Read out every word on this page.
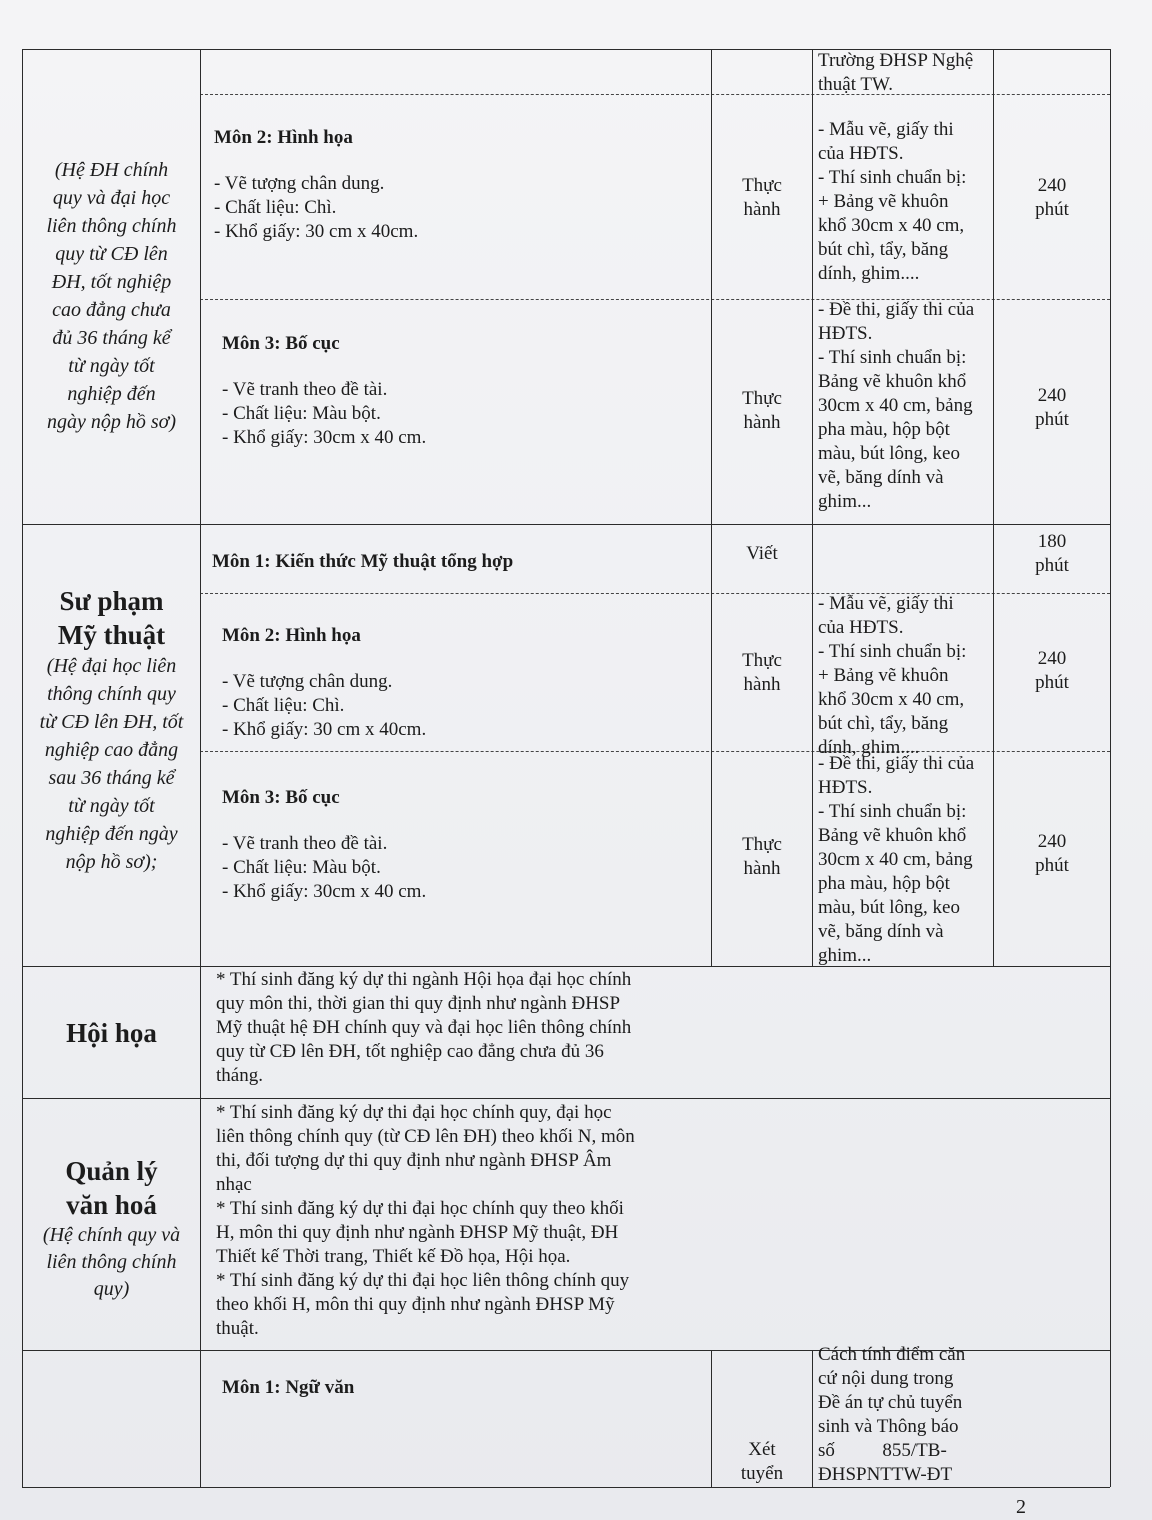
Trường ĐHSP Nghệ thuật TW.
(Hệ ĐH chính
quy và đại học
liên thông chính
quy từ CĐ lên
ĐH, tốt nghiệp
cao đẳng chưa
đủ 36 tháng kể
từ ngày tốt
nghiệp đến
ngày nộp hồ sơ)
Môn 2: Hình họa
- Vẽ tượng chân dung.
- Chất liệu: Chì.
- Khổ giấy: 30 cm x 40cm.
Thực
hành
- Mẫu vẽ, giấy thi
của HĐTS.
- Thí sinh chuẩn bị:
+ Bảng vẽ khuôn
khổ 30cm x 40 cm,
bút chì, tẩy, băng
dính, ghim....
240
phút
Môn 3: Bố cục
- Vẽ tranh theo đề tài.
- Chất liệu: Màu bột.
- Khổ giấy: 30cm x 40 cm.
Thực
hành
- Đề thi, giấy thi của
HĐTS.
- Thí sinh chuẩn bị:
Bảng vẽ khuôn khổ
30cm x 40 cm, bảng
pha màu, hộp bột
màu, bút lông, keo
vẽ, băng dính và
ghim...
240
phút
Sư phạm
Mỹ thuật
(Hệ đại học liên
thông chính quy
từ CĐ lên ĐH, tốt
nghiệp cao đẳng
sau 36 tháng kể
từ ngày tốt
nghiệp đến ngày
nộp hồ sơ);
Môn 1: Kiến thức Mỹ thuật tổng hợp	Viết
180
phút
Môn 2: Hình họa
- Vẽ tượng chân dung.
- Chất liệu: Chì.
- Khổ giấy: 30 cm x 40cm.
Thực
hành
- Mẫu vẽ, giấy thi
của HĐTS.
- Thí sinh chuẩn bị:
+ Bảng vẽ khuôn
khổ 30cm x 40 cm,
bút chì, tẩy, băng
dính, ghim....
240
phút
Môn 3: Bố cục
- Vẽ tranh theo đề tài.
- Chất liệu: Màu bột.
- Khổ giấy: 30cm x 40 cm.
Thực
hành
- Đề thi, giấy thi của
HĐTS.
- Thí sinh chuẩn bị:
Bảng vẽ khuôn khổ
30cm x 40 cm, bảng
pha màu, hộp bột
màu, bút lông, keo
vẽ, băng dính và
ghim...
240
phút
Hội họa
* Thí sinh đăng ký dự thi ngành Hội họa đại học chính
quy môn thi, thời gian thi quy định như ngành ĐHSP
Mỹ thuật hệ ĐH chính quy và đại học liên thông chính
quy từ CĐ lên ĐH, tốt nghiệp cao đẳng chưa đủ 36
tháng.
Quản lý
văn hoá
(Hệ chính quy và
liên thông chính
quy)
* Thí sinh đăng ký dự thi đại học chính quy, đại học
liên thông chính quy (từ CĐ lên ĐH) theo khối N, môn
thi, đối tượng dự thi quy định như ngành ĐHSP Âm
nhạc
* Thí sinh đăng ký dự thi đại học chính quy theo khối
H, môn thi quy định như ngành ĐHSP Mỹ thuật, ĐH
Thiết kế Thời trang, Thiết kế Đồ họa, Hội họa.
* Thí sinh đăng ký dự thi đại học liên thông chính quy
theo khối H, môn thi quy định như ngành ĐHSP Mỹ
thuật.
Môn 1: Ngữ văn
Xét
tuyển
Cách tính điểm căn
cứ nội dung trong
Đề án tự chủ tuyển
sinh và Thông báo
số          855/TB-
ĐHSPNTTW-ĐT
2
